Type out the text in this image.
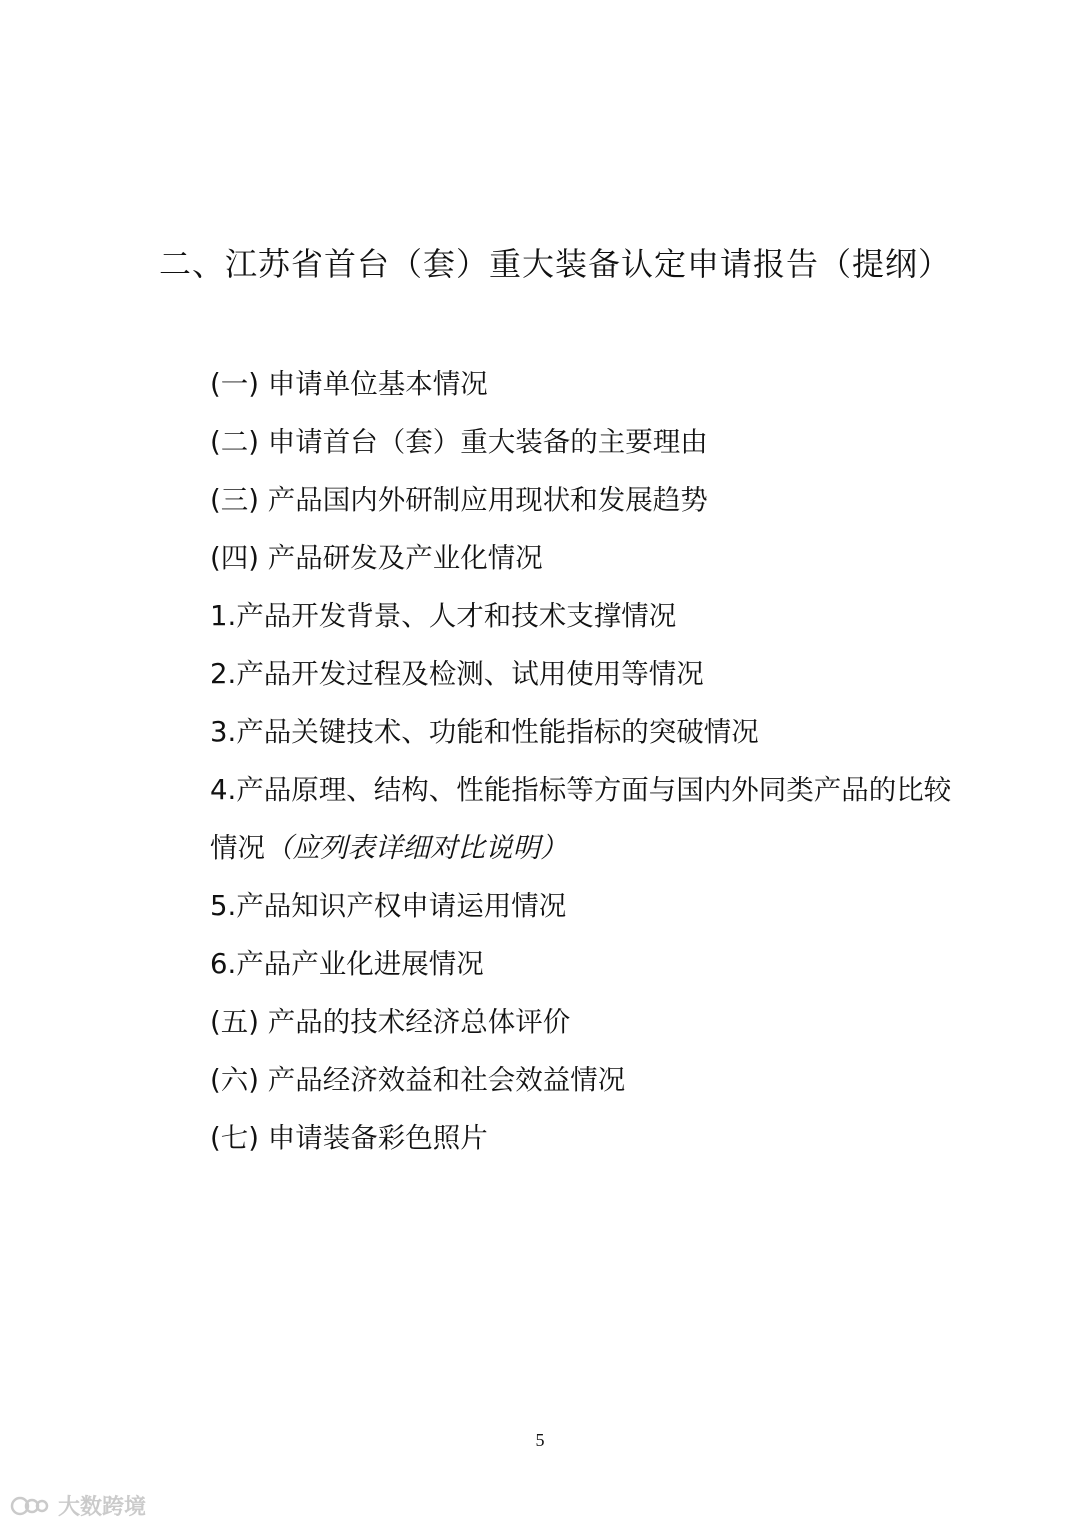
二、江苏省首台（套）重大装备认定申请报告（提纲）
(一) 申请单位基本情况
(二) 申请首台（套）重大装备的主要理由
(三) 产品国内外研制应用现状和发展趋势
(四) 产品研发及产业化情况
1.产品开发背景、人才和技术支撑情况
2.产品开发过程及检测、试用使用等情况
3.产品关键技术、功能和性能指标的突破情况
4.产品原理、结构、性能指标等方面与国内外同类产品的比较情况（应列表详细对比说明）
5.产品知识产权申请运用情况
6.产品产业化进展情况
(五) 产品的技术经济总体评价
(六) 产品经济效益和社会效益情况
(七) 申请装备彩色照片
5
大数跨境
